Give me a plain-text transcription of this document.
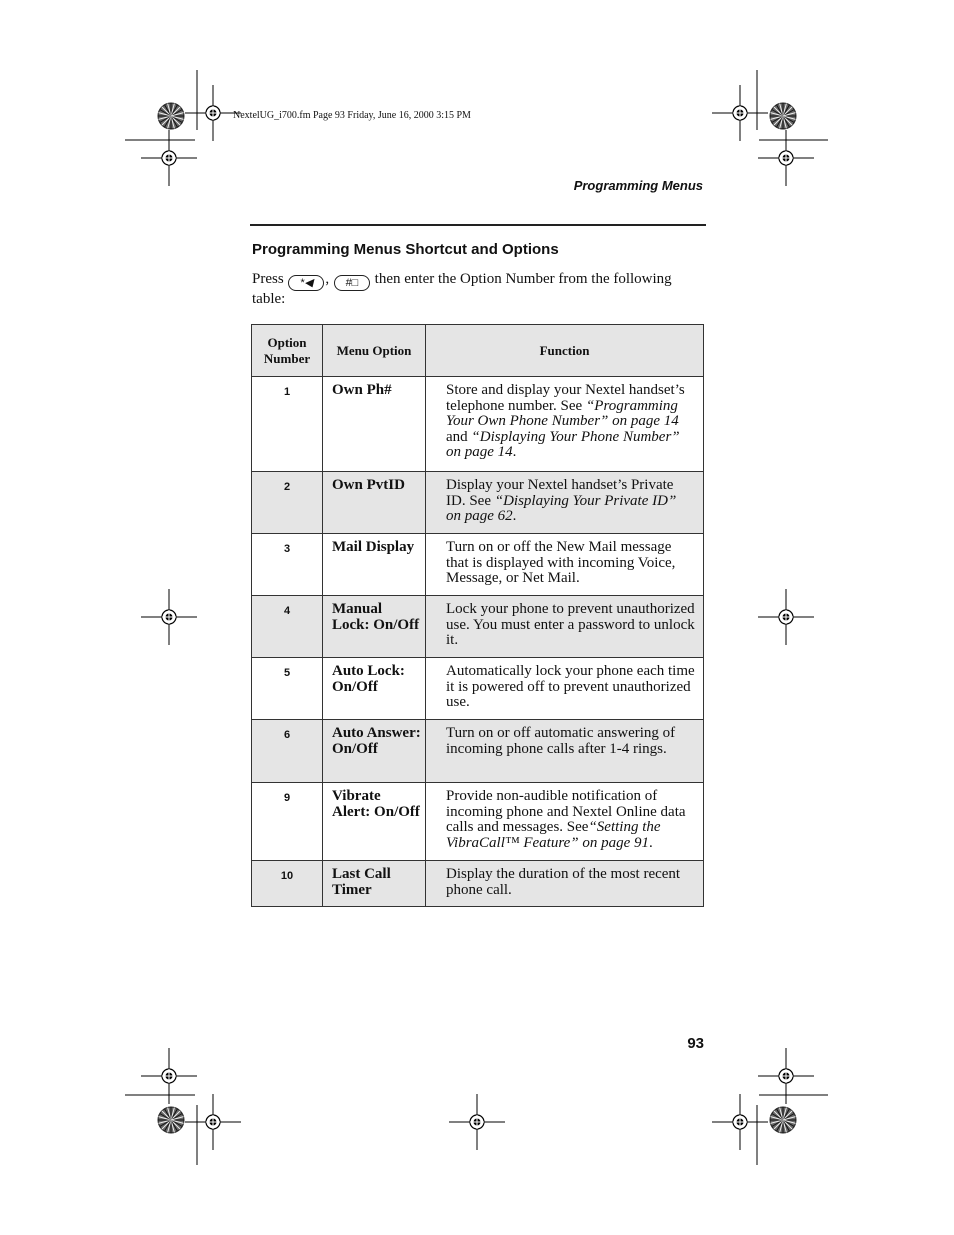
NextelUG_i700.fm Page 93 Friday, June 16, 2000 3:15 PM
Programming Menus
Programming Menus Shortcut and Options
Press *◀ , #□ then enter the Option Number from the following table:
Option Number	Menu Option	Function
1	Own Ph#	Store and display your Nextel handset’s telephone number. See “Programming Your Own Phone Number” on page 14 and “Displaying Your Phone Number” on page 14.
2	Own PvtID	Display your Nextel handset’s Private ID. See “Displaying Your Private ID” on page 62.
3	Mail Display	Turn on or off the New Mail message that is displayed with incoming Voice, Message, or Net Mail.
4	Manual Lock: On/Off	Lock your phone to prevent unauthorized use. You must enter a password to unlock it.
5	Auto Lock: On/Off	Automatically lock your phone each time it is powered off to prevent unauthorized use.
6	Auto Answer: On/Off	Turn on or off automatic answering of incoming phone calls after 1-4 rings.
9	Vibrate Alert: On/Off	Provide non-audible notification of incoming phone and Nextel Online data calls and messages. See“Setting the VibraCall™ Feature” on page 91.
10	Last Call Timer	Display the duration of the most recent phone call.
93
